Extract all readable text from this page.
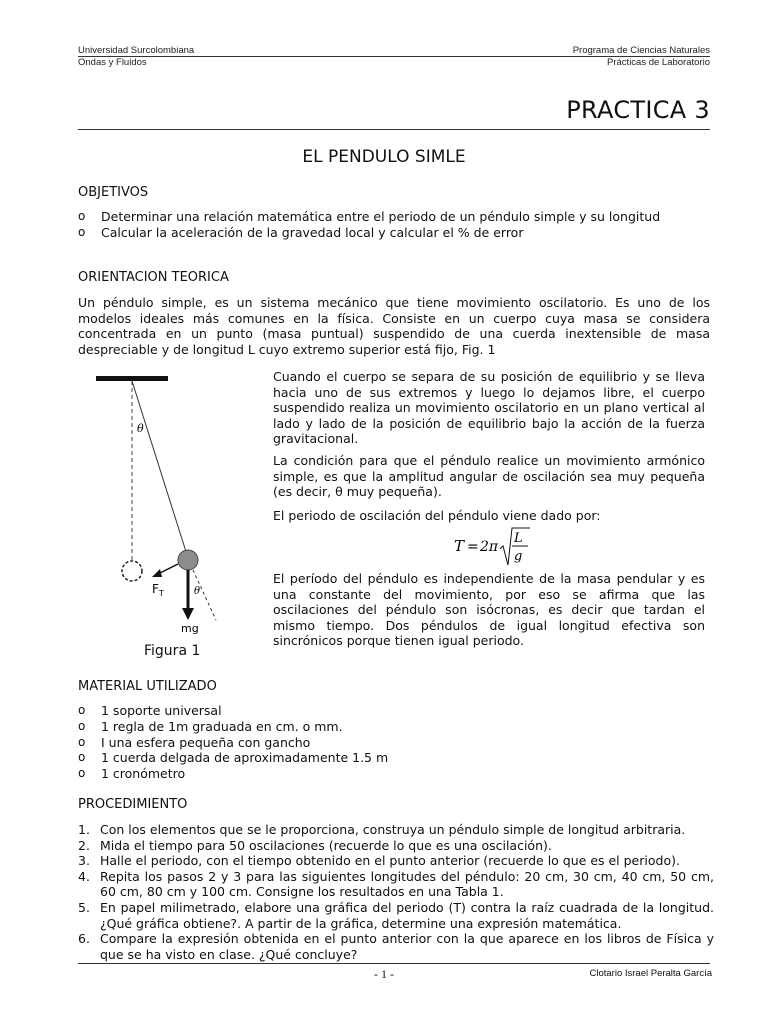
Universidad Surcolombiana	Programa de Ciencias Naturales
Ondas y Fluidos	Prácticas de Laboratorio
PRACTICA 3
EL PENDULO SIMLE
OBJETIVOS
o Determinar una relación matemática entre el periodo de un péndulo simple y su longitud
o Calcular la aceleración de la gravedad local y calcular el % de error
ORIENTACION TEORICA

Un péndulo simple, es un sistema mecánico que tiene movimiento oscilatorio. Es uno de los modelos ideales más comunes en la física. Consiste en un cuerpo cuya masa se considera concentrada en un punto (masa puntual) suspendido de una cuerda inextensible de masa despreciable y de longitud L cuyo extremo superior está fijo, Fig. 1

θ
$F_T$
mg
θ
Figura 1

Cuando el cuerpo se separa de su posición de equilibrio y se lleva hacia uno de sus extremos y luego lo dejamos libre, el cuerpo suspendido realiza un movimiento oscilatorio en un plano vertical al lado y lado de la posición de equilibrio bajo la acción de la fuerza gravitacional.

La condición para que el péndulo realice un movimiento armónico simple, es que la amplitud angular de oscilación sea muy pequeña (es decir, θ muy pequeña).

El periodo de oscilación del péndulo viene dado por:

T = 2π
L
g

El período del péndulo es independiente de la masa pendular y es una constante del movimiento, por eso se afirma que las oscilaciones del péndulo son isócronas, es decir que tardan el mismo tiempo. Dos péndulos de igual longitud efectiva son sincrónicos porque tienen igual periodo.

MATERIAL UTILIZADO
o 1 soporte universal
o 1 regla de 1m graduada en cm. o mm.
o I una esfera pequeña con gancho
o 1 cuerda delgada de aproximadamente 1.5 m
o 1 cronómetro
PROCEDIMIENTO
1. Con los elementos que se le proporciona, construya un péndulo simple de longitud arbitraria.
2. Mida el tiempo para 50 oscilaciones (recuerde lo que es una oscilación).
3. Halle el periodo, con el tiempo obtenido en el punto anterior (recuerde lo que es el periodo).
4. Repita los pasos 2 y 3 para las siguientes longitudes del péndulo: 20 cm, 30 cm, 40 cm, 50 cm, 60 cm, 80 cm y 100 cm. Consigne los resultados en una Tabla 1.
5. En papel milimetrado, elabore una gráfica del periodo (T) contra la raíz cuadrada de la longitud. ¿Qué gráfica obtiene?. A partir de la gráfica, determine una expresión matemática.
6. Compare la expresión obtenida en el punto anterior con la que aparece en los libros de Física y que se ha visto en clase. ¿Qué concluye?
- 1 -	Clotario Israel Peralta García
